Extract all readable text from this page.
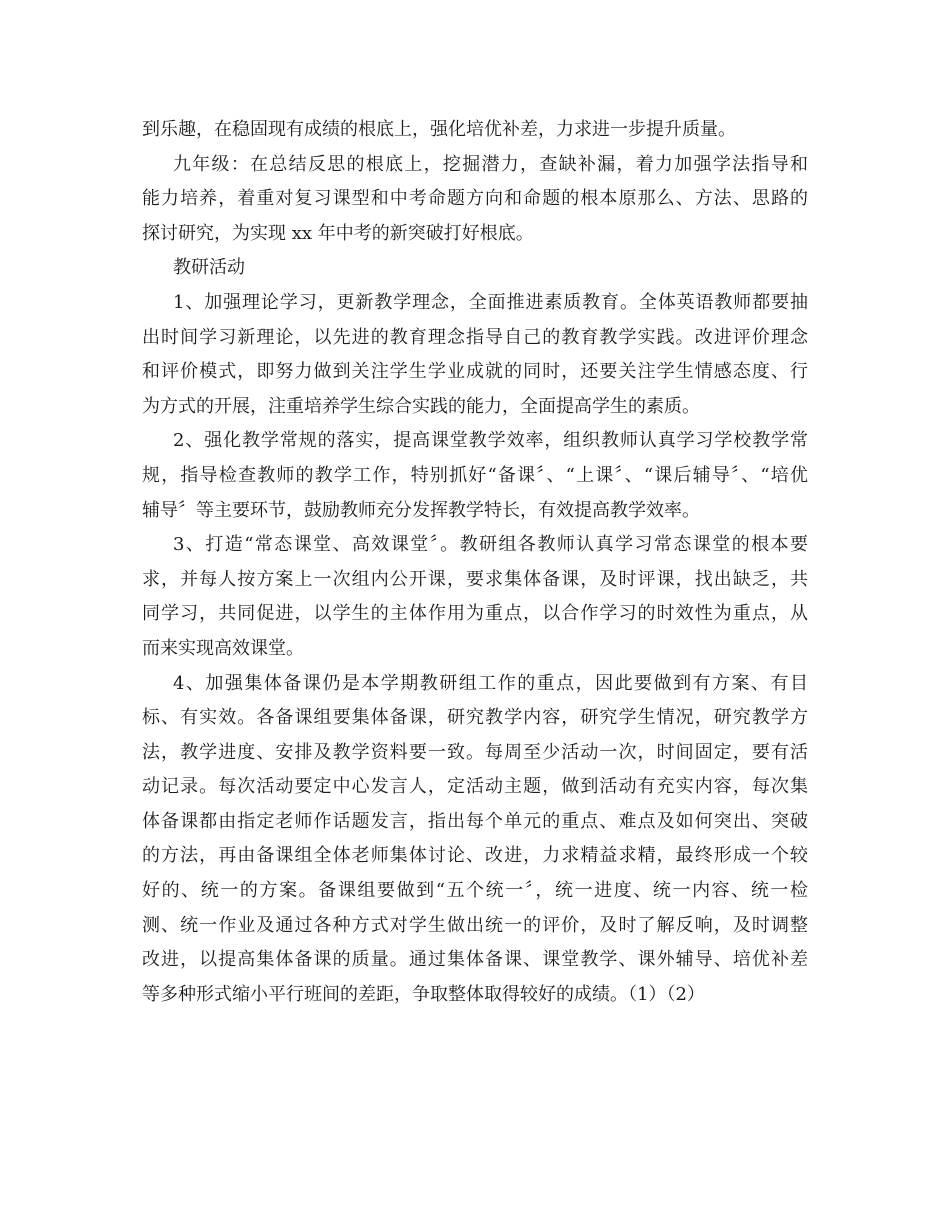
到乐趣，在稳固现有成绩的根底上，强化培优补差，力求进一步提升质量。
九年级：在总结反思的根底上，挖掘潜力，查缺补漏，着力加强学法指导和
能力培养，着重对复习课型和中考命题方向和命题的根本原那么、方法、思路的
探讨研究，为实现 xx 年中考的新突破打好根底。
教研活动
1、加强理论学习，更新教学理念，全面推进素质教育。全体英语教师都要抽
出时间学习新理论，以先进的教育理念指导自己的教育教学实践。改进评价理念
和评价模式，即努力做到关注学生学业成就的同时，还要关注学生情感态度、行
为方式的开展，注重培养学生综合实践的能力，全面提高学生的素质。
2、强化教学常规的落实，提高课堂教学效率，组织教师认真学习学校教学常
规，指导检查教师的教学工作，特别抓好“备课〞、“上课〞、“课后辅导〞、“培优
辅导〞等主要环节，鼓励教师充分发挥教学特长，有效提高教学效率。
3、打造“常态课堂、高效课堂〞。教研组各教师认真学习常态课堂的根本要
求，并每人按方案上一次组内公开课，要求集体备课，及时评课，找出缺乏，共
同学习，共同促进，以学生的主体作用为重点，以合作学习的时效性为重点，从
而来实现高效课堂。
4、加强集体备课仍是本学期教研组工作的重点，因此要做到有方案、有目
标、有实效。各备课组要集体备课，研究教学内容，研究学生情况，研究教学方
法，教学进度、安排及教学资料要一致。每周至少活动一次，时间固定，要有活
动记录。每次活动要定中心发言人，定活动主题，做到活动有充实内容，每次集
体备课都由指定老师作话题发言，指出每个单元的重点、难点及如何突出、突破
的方法，再由备课组全体老师集体讨论、改进，力求精益求精，最终形成一个较
好的、统一的方案。备课组要做到“五个统一〞，统一进度、统一内容、统一检
测、统一作业及通过各种方式对学生做出统一的评价，及时了解反响，及时调整
改进，以提高集体备课的质量。通过集体备课、课堂教学、课外辅导、培优补差
等多种形式缩小平行班间的差距，争取整体取得较好的成绩。（1）（2）
